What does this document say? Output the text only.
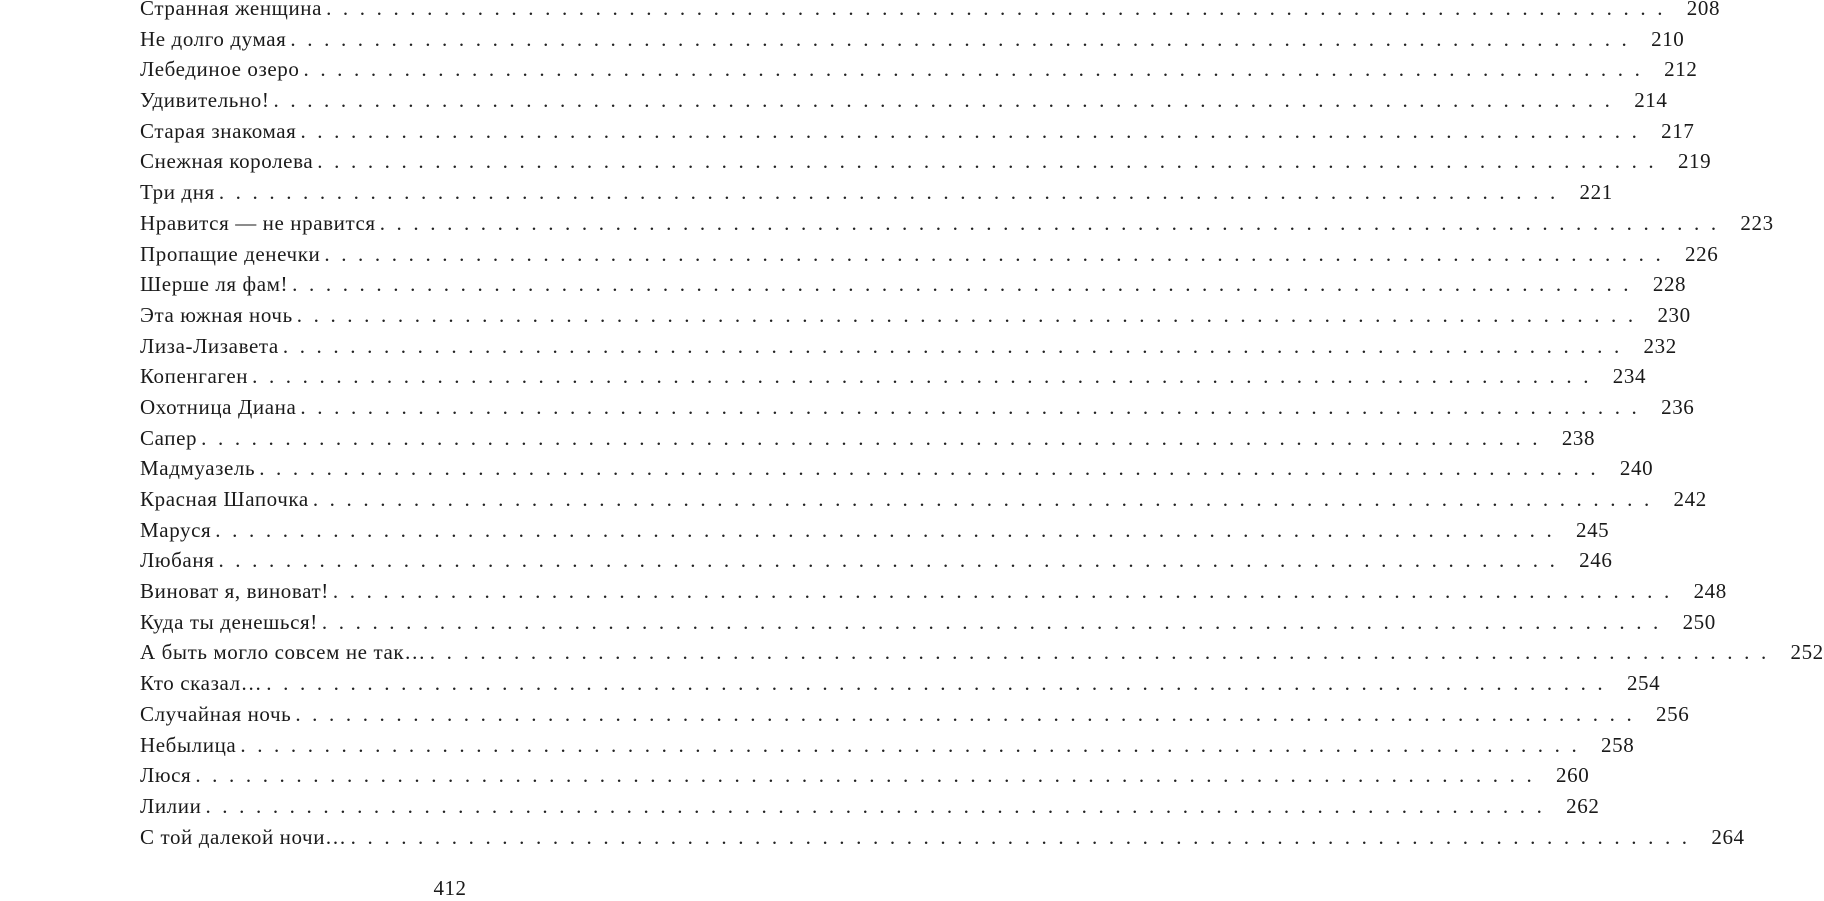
Странная женщина ................................................................................ 208
Не долго думая ................................................................................ 210
Лебединое озеро ................................................................................ 212
Удивительно! ................................................................................ 214
Старая знакомая ................................................................................ 217
Снежная королева ................................................................................ 219
Три дня ................................................................................ 221
Нравится — не нравится ................................................................................ 223
Пропащие денечки ................................................................................ 226
Шерше ля фам! ................................................................................ 228
Эта южная ночь ................................................................................ 230
Лиза-Лизавета ................................................................................ 232
Копенгаген ................................................................................ 234
Охотница Диана ................................................................................ 236
Сапер ................................................................................ 238
Мадмуазель ................................................................................ 240
Красная Шапочка ................................................................................ 242
Маруся ................................................................................ 245
Любаня ................................................................................ 246
Виноват я, виноват! ................................................................................ 248
Куда ты денешься! ................................................................................ 250
А быть могло совсем не так… ................................................................................ 252
Кто сказал… ................................................................................ 254
Случайная ночь ................................................................................ 256
Небылица ................................................................................ 258
Люся ................................................................................ 260
Лилии ................................................................................ 262
С той далекой ночи… ................................................................................ 264
412
